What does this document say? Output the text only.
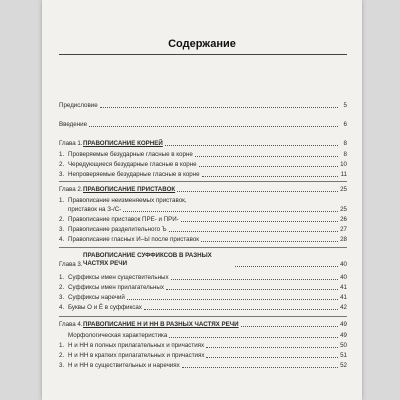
Содержание
Предисловие	5
Введение	6
Глава 1.ПРАВОПИСАНИЕ КОРНЕЙ	8
1. Проверяемые безударные гласные в корне	8
2. Чередующиеся безударные гласные в корне	10
3. Непроверяемые безударные гласные в корне	11
Глава 2.ПРАВОПИСАНИЕ ПРИСТАВОК	25
1. Правописание неизменяемых приставок,
приставок на З-/С-	25
2. Правописание приставок ПРЕ- и ПРИ-	26
3. Правописание разделительного Ъ	27
4. Правописание гласных И–Ы после приставок	28
Глава 3.ПРАВОПИСАНИЕ СУФФИКСОВ В РАЗНЫХ ЧАСТЯХ РЕЧИ	40
1. Суффиксы имен существительных	40
2. Суффиксы имен прилагательных	41
3. Суффиксы наречий	41
4. Буквы О и Ё в суффиксах	42
Глава 4.ПРАВОПИСАНИЕ Н И НН В РАЗНЫХ ЧАСТЯХ РЕЧИ	49
Морфологическая характеристика	49
1. Н и НН в полных прилагательных и причастиях	50
2. Н и НН в кратких прилагательных и причастиях	51
3. Н и НН в существительных и наречиях	52
